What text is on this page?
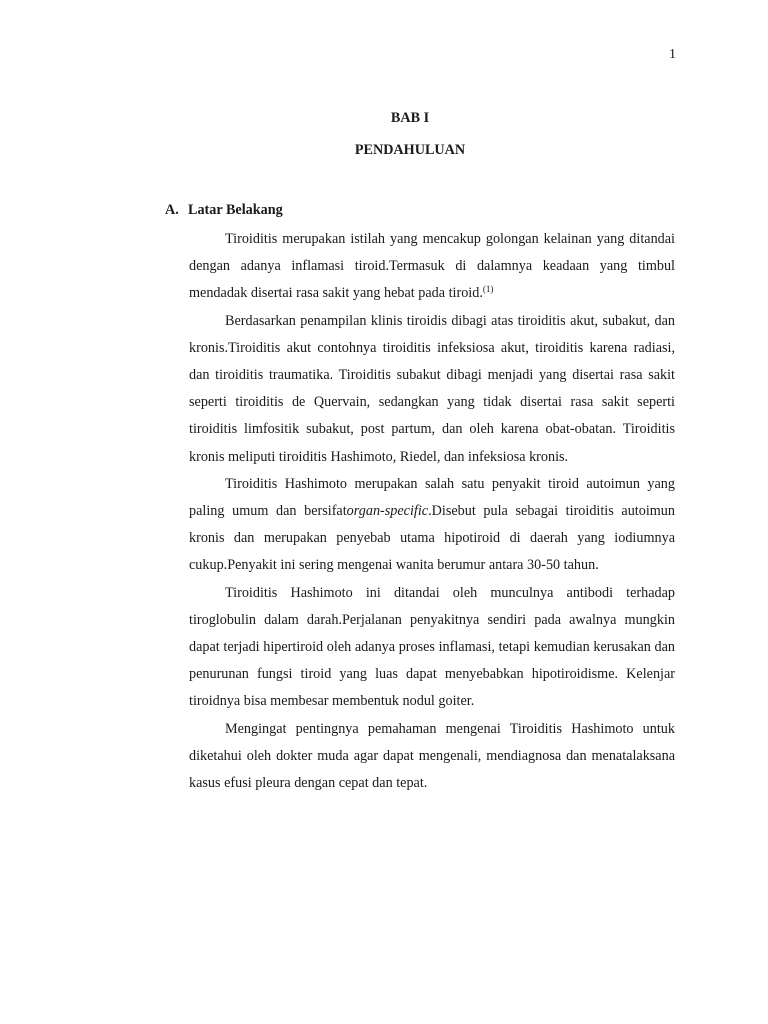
1
BAB I
PENDAHULUAN
A. Latar Belakang

Tiroiditis merupakan istilah yang mencakup golongan kelainan yang ditandai dengan adanya inflamasi tiroid.Termasuk di dalamnya keadaan yang timbul mendadak disertai rasa sakit yang hebat pada tiroid.$^{(1)}$

Berdasarkan penampilan klinis tiroidis dibagi atas tiroiditis akut, subakut, dan kronis.Tiroiditis akut contohnya tiroiditis infeksiosa akut, tiroiditis karena radiasi, dan tiroiditis traumatika. Tiroiditis subakut dibagi menjadi yang disertai rasa sakit seperti tiroiditis de Quervain, sedangkan yang tidak disertai rasa sakit seperti tiroiditis limfositik subakut, post partum, dan oleh karena obat-obatan. Tiroiditis kronis meliputi tiroiditis Hashimoto, Riedel, dan infeksiosa kronis.

Tiroiditis Hashimoto merupakan salah satu penyakit tiroid autoimun yang paling umum dan bersifatorgan-specific.Disebut pula sebagai tiroiditis autoimun kronis dan merupakan penyebab utama hipotiroid di daerah yang iodiumnya cukup.Penyakit ini sering mengenai wanita berumur antara 30-50 tahun.

Tiroiditis Hashimoto ini ditandai oleh munculnya antibodi terhadap tiroglobulin dalam darah.Perjalanan penyakitnya sendiri pada awalnya mungkin dapat terjadi hipertiroid oleh adanya proses inflamasi, tetapi kemudian kerusakan dan penurunan fungsi tiroid yang luas dapat menyebabkan hipotiroidisme. Kelenjar tiroidnya bisa membesar membentuk nodul goiter.

Mengingat pentingnya pemahaman mengenai Tiroiditis Hashimoto untuk diketahui oleh dokter muda agar dapat mengenali, mendiagnosa dan menatalaksana kasus efusi pleura dengan cepat dan tepat.
